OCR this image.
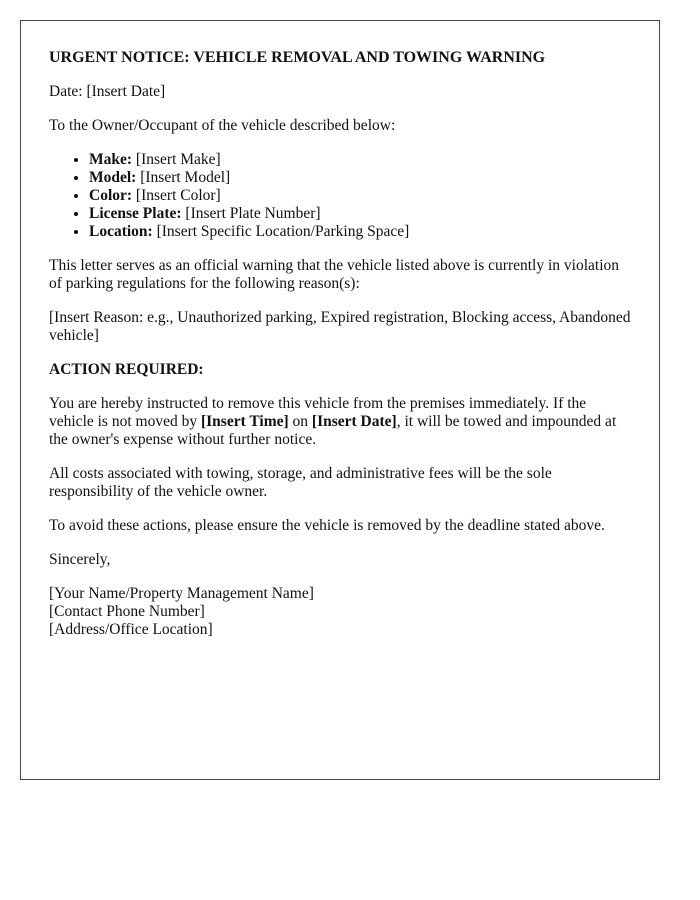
URGENT NOTICE: VEHICLE REMOVAL AND TOWING WARNING

Date: [Insert Date]

To the Owner/Occupant of the vehicle described below:

• Make: [Insert Make]
• Model: [Insert Model]
• Color: [Insert Color]
• License Plate: [Insert Plate Number]
• Location: [Insert Specific Location/Parking Space]

This letter serves as an official warning that the vehicle listed above is currently in violation of parking regulations for the following reason(s):

[Insert Reason: e.g., Unauthorized parking, Expired registration, Blocking access, Abandoned vehicle]

ACTION REQUIRED:

You are hereby instructed to remove this vehicle from the premises immediately. If the vehicle is not moved by [Insert Time] on [Insert Date], it will be towed and impounded at the owner's expense without further notice.

All costs associated with towing, storage, and administrative fees will be the sole responsibility of the vehicle owner.

To avoid these actions, please ensure the vehicle is removed by the deadline stated above.

Sincerely,

[Your Name/Property Management Name]
[Contact Phone Number]
[Address/Office Location]
